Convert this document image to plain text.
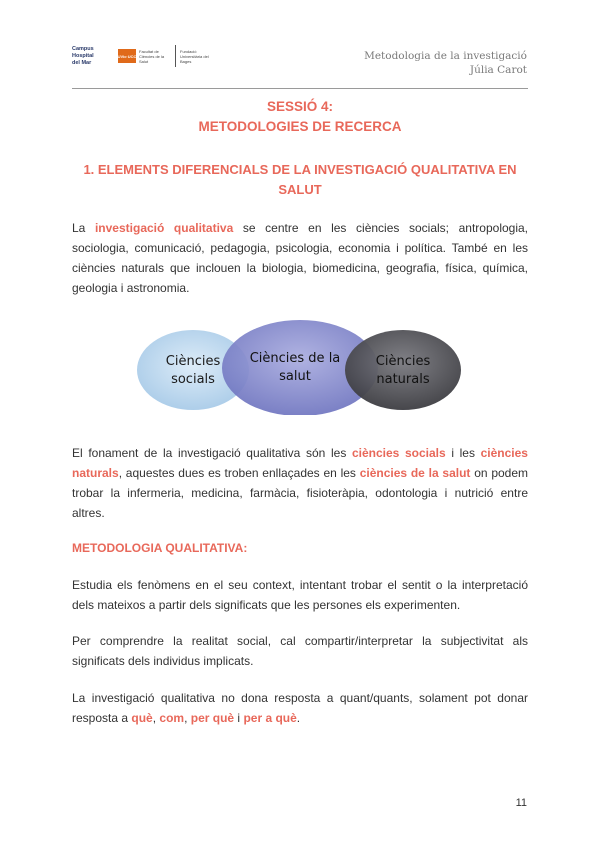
Campus
Hospital
del Mar
UVic·UCC
Facultat de Ciències de la Salut
Fundació Universitària del Bages	Metodologia de la investigació
Júlia Carot
SESSIÓ 4:
METODOLOGIES DE RECERCA
1. ELEMENTS DIFERENCIALS DE LA INVESTIGACIÓ QUALITATIVA EN
SALUT
La investigació qualitativa se centre en les ciències socials; antropologia, sociologia, comunicació, pedagogia, psicologia, economia i política. També en les ciències naturals que inclouen la biologia, biomedicina, geografia, física, química, geologia i astronomia.
Ciències
socials
Ciències de la
salut
Ciències
naturals
El fonament de la investigació qualitativa són les ciències socials i les ciències naturals, aquestes dues es troben enllaçades en les ciències de la salut on podem trobar la infermeria, medicina, farmàcia, fisioteràpia, odontologia i nutrició entre altres.
METODOLOGIA QUALITATIVA:
Estudia els fenòmens en el seu context, intentant trobar el sentit o la interpretació dels mateixos a partir dels significats que les persones els experimenten.
Per comprendre la realitat social, cal compartir/interpretar la subjectivitat als significats dels individus implicats.
La investigació qualitativa no dona resposta a quant/quants, solament pot donar resposta a què, com, per què i per a què.
11
